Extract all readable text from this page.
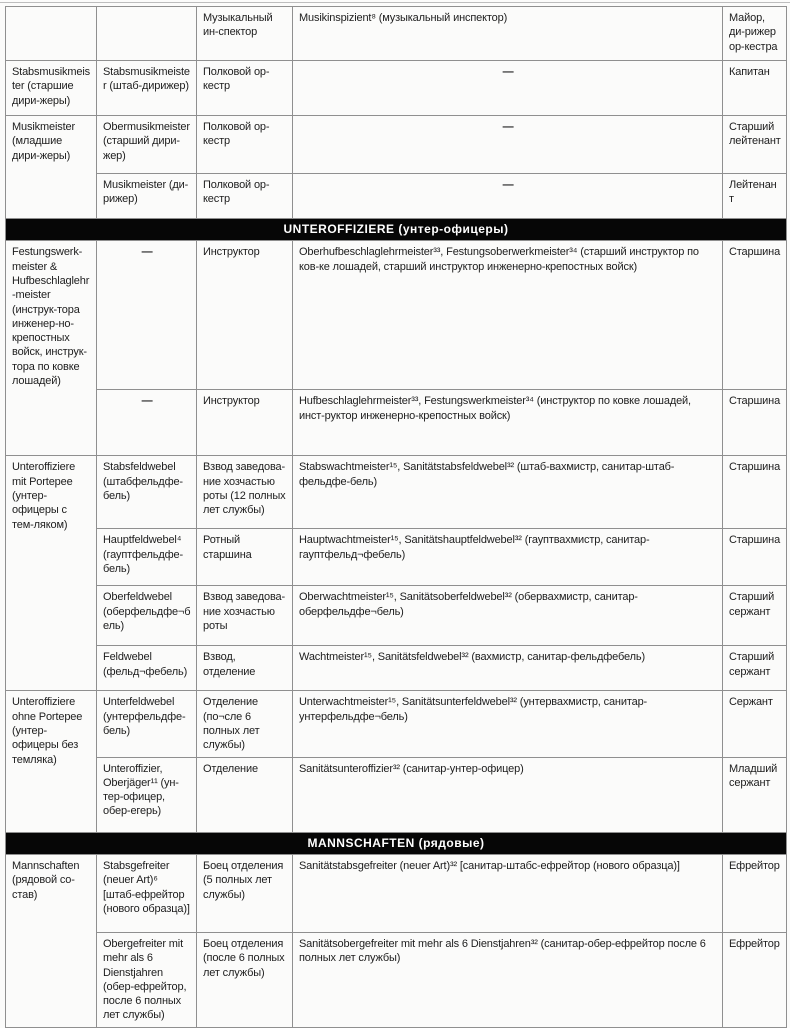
		Музыкальный ин-спектор	Musikinspizient⁸ (музыкальный инспектор)	Майор, ди-рижер ор-кестра
Stabsmusikmeister (старшие дири-жеры)	Stabsmusikmeister (штаб-дирижер)	Полковой ор-кестр	—	Капитан
Musikmeister (младшие дири-жеры)	Obermusikmeister (старший дири-жер)	Полковой ор-кестр	—	Старший лейтенант
	Musikmeister (ди-рижер)	Полковой ор-кестр	—	Лейтенант
UNTEROFFIZIERE (унтер-офицеры)				
Festungswerk-meister & Hufbeschlaglehr-meister (инструк-тора инженер-но-крепостных войск, инструк-тора по ковке лошадей)	—	Инструктор	Oberhufbeschlaglehrmeister³³, Festungsoberwerkmeister³⁴ (старший инструктор по ков-ке лошадей, старший инструктор инженерно-крепостных войск)	Старшина
	—	Инструктор	Hufbeschlaglehrmeister³³, Festungswerkmeister³⁴ (инструктор по ковке лошадей, инст-руктор инженерно-крепостных войск)	Старшина
Unteroffiziere mit Portepee (унтер-офицеры с тем-ляком)	Stabsfeldwebel (штабфельдфе-бель)	Взвод заведова-ние хозчастью роты (12 полных лет службы)	Stabswachtmeister¹⁵, Sanitätstabsfeldwebel³² (штаб-вахмистр, санитар-штаб-фельдфе-бель)	Старшина
	Hauptfeldwebel⁴ (гауптфельдфе-бель)	Ротный старшина	Hauptwachtmeister¹⁵, Sanitätshauptfeldwebel³² (гауптвахмистр, санитар-гауптфельд¬фебель)	Старшина
	Oberfeldwebel (оберфельдфе¬бель)	Взвод заведова-ние хозчастью роты	Oberwachtmeister¹⁵, Sanitätsoberfeldwebel³² (обервахмистр, санитар-оберфельдфе¬бель)	Старший сержант
	Feldwebel (фельд¬фебель)	Взвод, отделение	Wachtmeister¹⁵, Sanitätsfeldwebel³² (вахмистр, санитар-фельдфебель)	Старший сержант
Unteroffiziere ohne Portepee (унтер-офицеры без темляка)	Unterfeldwebel (унтерфельдфе-бель)	Отделение (по¬сле 6 полных лет службы)	Unterwachtmeister¹⁵, Sanitätsunterfeldwebel³² (унтервахмистр, санитар-унтерфельдфе¬бель)	Сержант
	Unteroffizier, Oberjäger¹¹ (ун-тер-офицер, обер-егерь)	Отделение	Sanitätsunteroffizier³² (санитар-унтер-офицер)	Младший сержант
MANNSCHAFTEN (рядовые)				
Mannschaften (рядовой со-став)	Stabsgefreiter (neuer Art)⁶ [штаб-ефрейтор (нового образца)]	Боец отделения (5 полных лет службы)	Sanitätstabsgefreiter (neuer Art)³² [санитар-штабс-ефрейтор (нового образца)]	Ефрейтор
	Obergefreiter mit mehr als 6 Dienstjahren (обер-ефрейтор, после 6 полных лет службы)	Боец отделения (после 6 полных лет службы)	Sanitätsobergefreiter mit mehr als 6 Dienstjahren³² (санитар-обер-ефрейтор после 6 полных лет службы)	Ефрейтор
